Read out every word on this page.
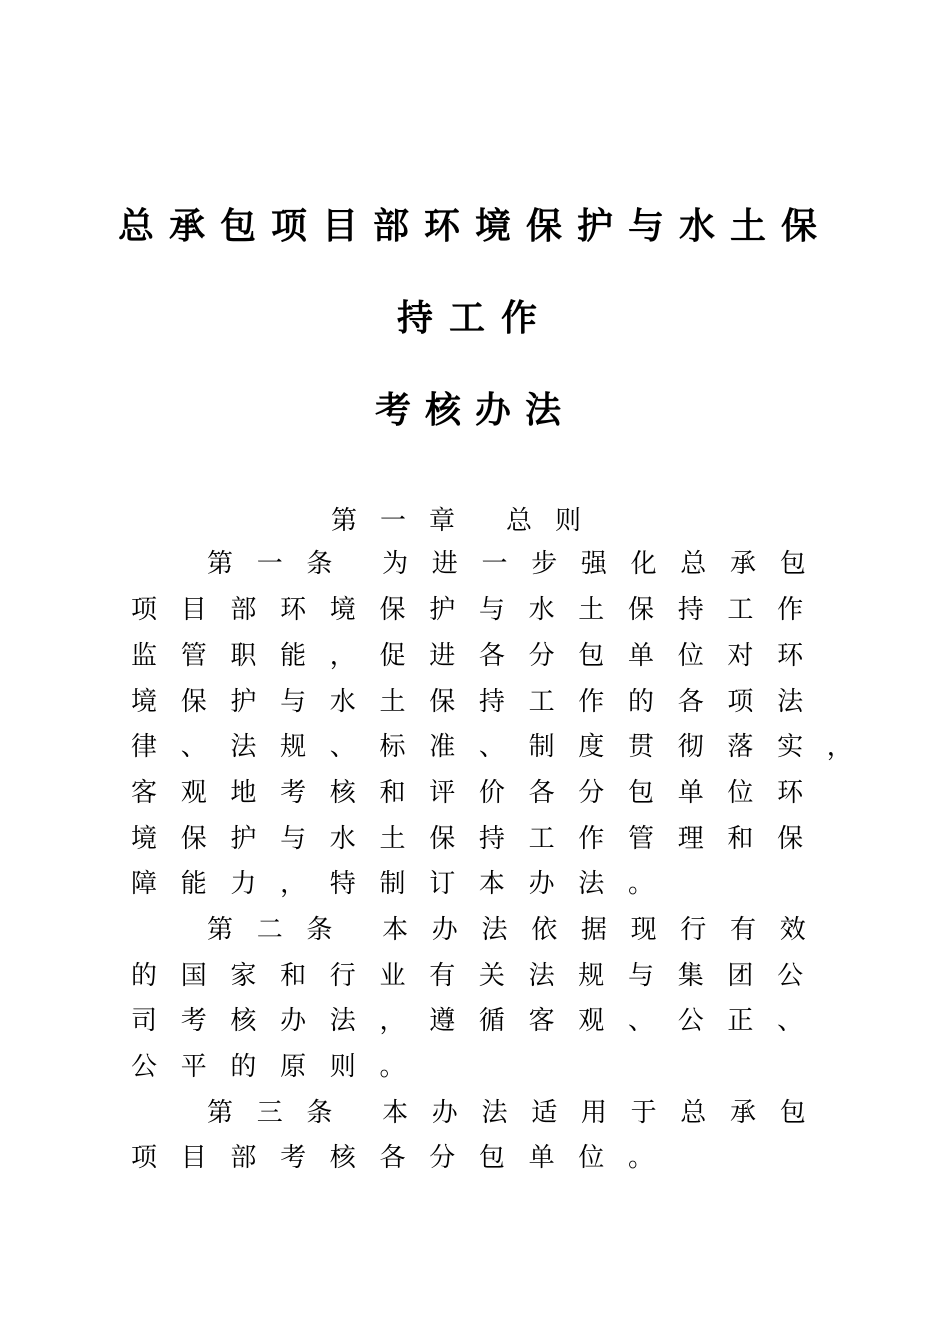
总承包项目部环境保护与水土保
持工作
考核办法
第一章 总则
第一条 为进一步强化总承包
项目部环境保护与水土保持工作
监管职能，促进各分包单位对环
境保护与水土保持工作的各项法
律、法规、标准、制度贯彻落实，
客观地考核和评价各分包单位环
境保护与水土保持工作管理和保
障能力，特制订本办法。
第二条 本办法依据现行有效
的国家和行业有关法规与集团公
司考核办法，遵循客观、公正、
公平的原则。
第三条 本办法适用于总承包
项目部考核各分包单位。
